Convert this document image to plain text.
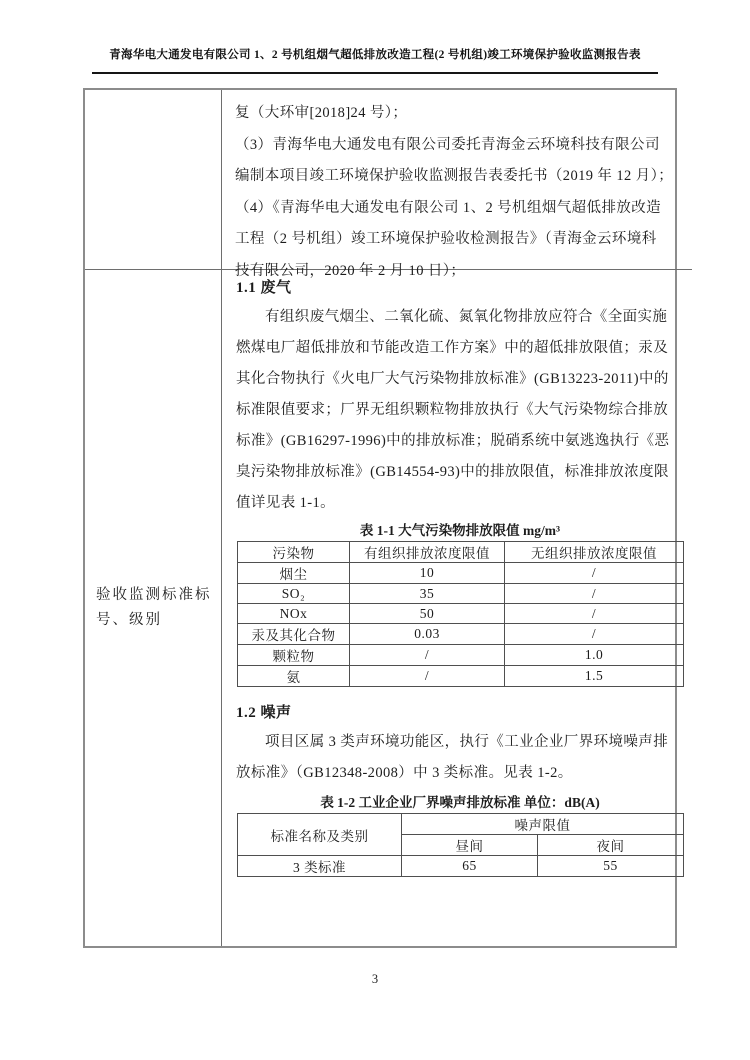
青海华电大通发电有限公司 1、2 号机组烟气超低排放改造工程(2 号机组)竣工环境保护验收监测报告表
复（大环审[2018]24 号）；
（3）青海华电大通发电有限公司委托青海金云环境科技有限公司
编制本项目竣工环境保护验收监测报告表委托书（2019 年 12 月）；
（4）《青海华电大通发电有限公司 1、2 号机组烟气超低排放改造
工程（2 号机组）竣工环境保护验收检测报告》（青海金云环境科
技有限公司，2020 年 2 月 10 日）；
验收监测标准标
号、级别
1.1 废气
有组织废气烟尘、二氧化硫、氮氧化物排放应符合《全面实施
燃煤电厂超低排放和节能改造工作方案》中的超低排放限值；汞及
其化合物执行《火电厂大气污染物排放标准》(GB13223-2011)中的
标准限值要求；厂界无组织颗粒物排放执行《大气污染物综合排放
标准》(GB16297-1996)中的排放标准；脱硝系统中氨逃逸执行《恶
臭污染物排放标准》(GB14554-93)中的排放限值，标准排放浓度限
值详见表 1-1。
表 1-1 大气污染物排放限值 mg/m³
污染物	有组织排放浓度限值	无组织排放浓度限值
烟尘	10	/
SO₂	35	/
NOx	50	/
汞及其化合物	0.03	/
颗粒物	/	1.0
氨	/	1.5
1.2 噪声
项目区属 3 类声环境功能区，执行《工业企业厂界环境噪声排
放标准》（GB12348-2008）中 3 类标准。见表 1-2。
表 1-2 工业企业厂界噪声排放标准 单位：dB(A)
标准名称及类别	噪声限值	
	昼间	夜间
3 类标准	65	55
3
